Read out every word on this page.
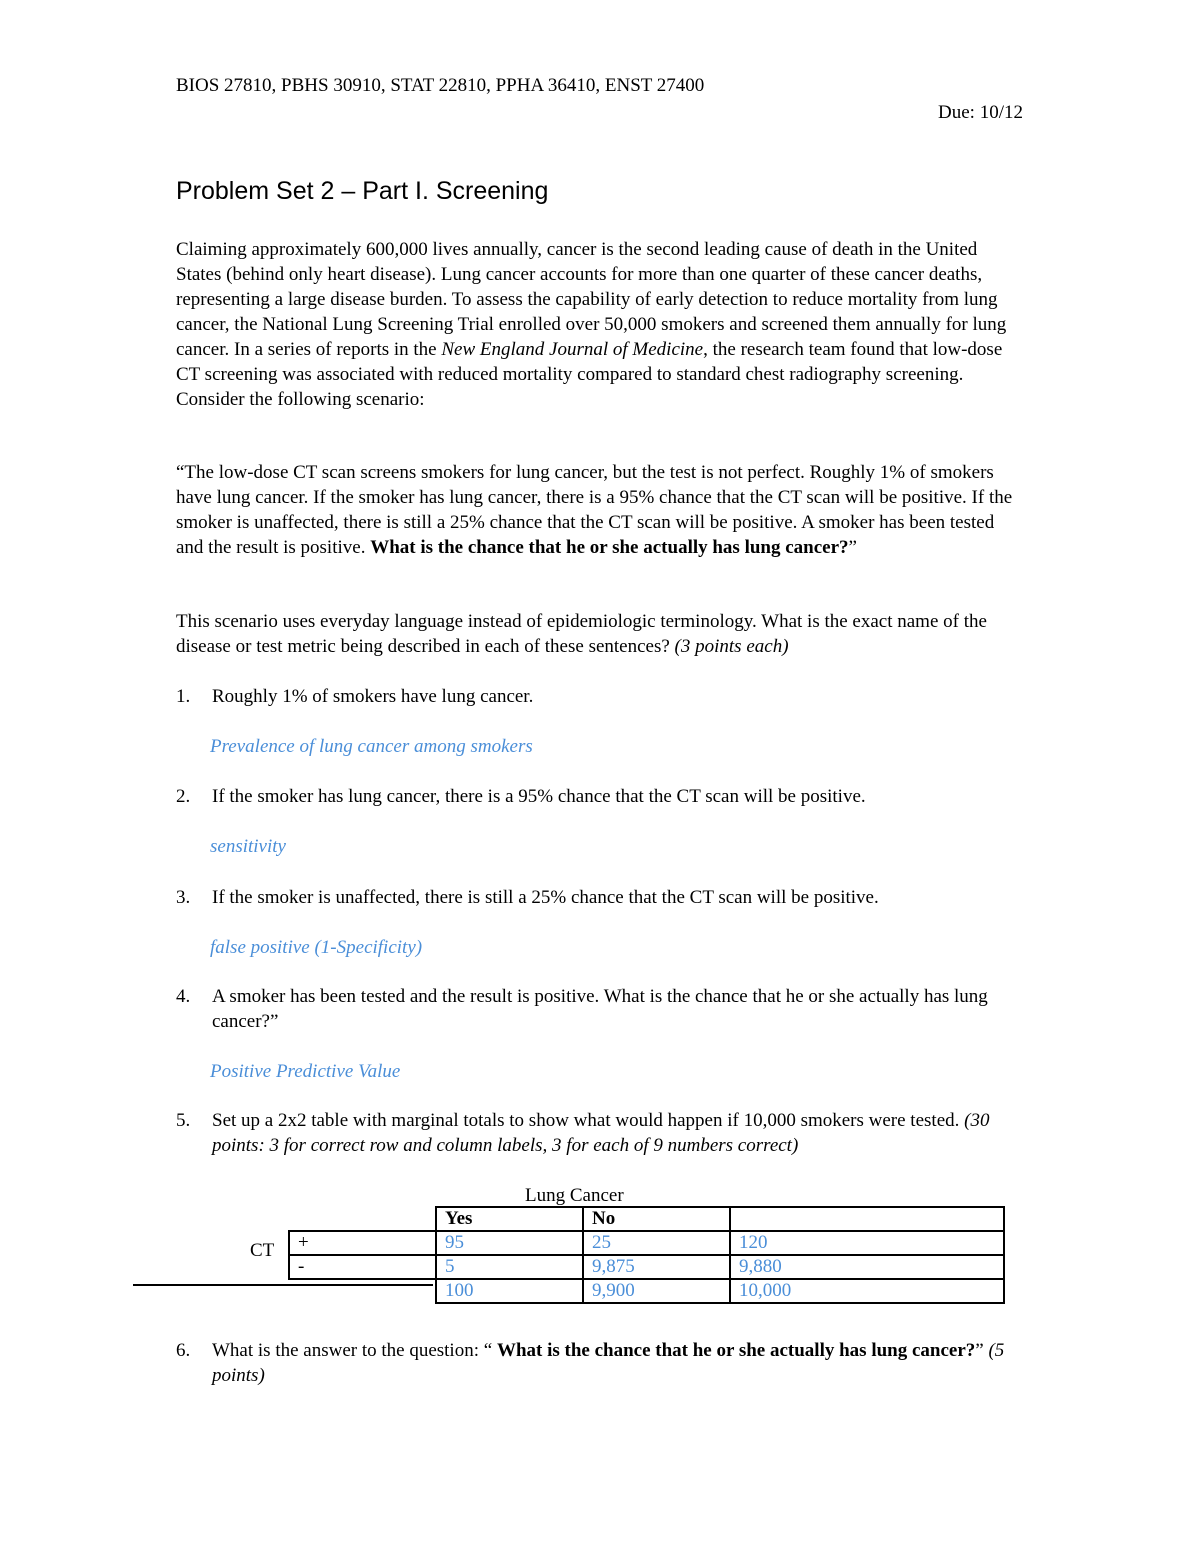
BIOS 27810, PBHS 30910, STAT 22810, PPHA 36410, ENST 27400
Due: 10/12
Problem Set 2 – Part I. Screening

Claiming approximately 600,000 lives annually, cancer is the second leading cause of death in the United States (behind only heart disease). Lung cancer accounts for more than one quarter of these cancer deaths, representing a large disease burden. To assess the capability of early detection to reduce mortality from lung cancer, the National Lung Screening Trial enrolled over 50,000 smokers and screened them annually for lung cancer. In a series of reports in the New England Journal of Medicine, the research team found that low-dose CT screening was associated with reduced mortality compared to standard chest radiography screening. Consider the following scenario:

“The low-dose CT scan screens smokers for lung cancer, but the test is not perfect. Roughly 1% of smokers have lung cancer. If the smoker has lung cancer, there is a 95% chance that the CT scan will be positive. If the smoker is unaffected, there is still a 25% chance that the CT scan will be positive. A smoker has been tested and the result is positive. What is the chance that he or she actually has lung cancer?”

This scenario uses everyday language instead of epidemiologic terminology. What is the exact name of the disease or test metric being described in each of these sentences? (3 points each)

1. Roughly 1% of smokers have lung cancer.
Prevalence of lung cancer among smokers
2. If the smoker has lung cancer, there is a 95% chance that the CT scan will be positive.
sensitivity
3. If the smoker is unaffected, there is still a 25% chance that the CT scan will be positive.
false positive (1-Specificity)
4. A smoker has been tested and the result is positive. What is the chance that he or she actually has lung cancer?”
Positive Predictive Value
5. Set up a 2x2 table with marginal totals to show what would happen if 10,000 smokers were tested. (30 points: 3 for correct row and column labels, 3 for each of 9 numbers correct)
Lung Cancer
CT
	Yes	No	
+	95	25	120
-	5	9,875	9,880
	100	9,900	10,000
6. What is the answer to the question: “ What is the chance that he or she actually has lung cancer?” (5 points)
